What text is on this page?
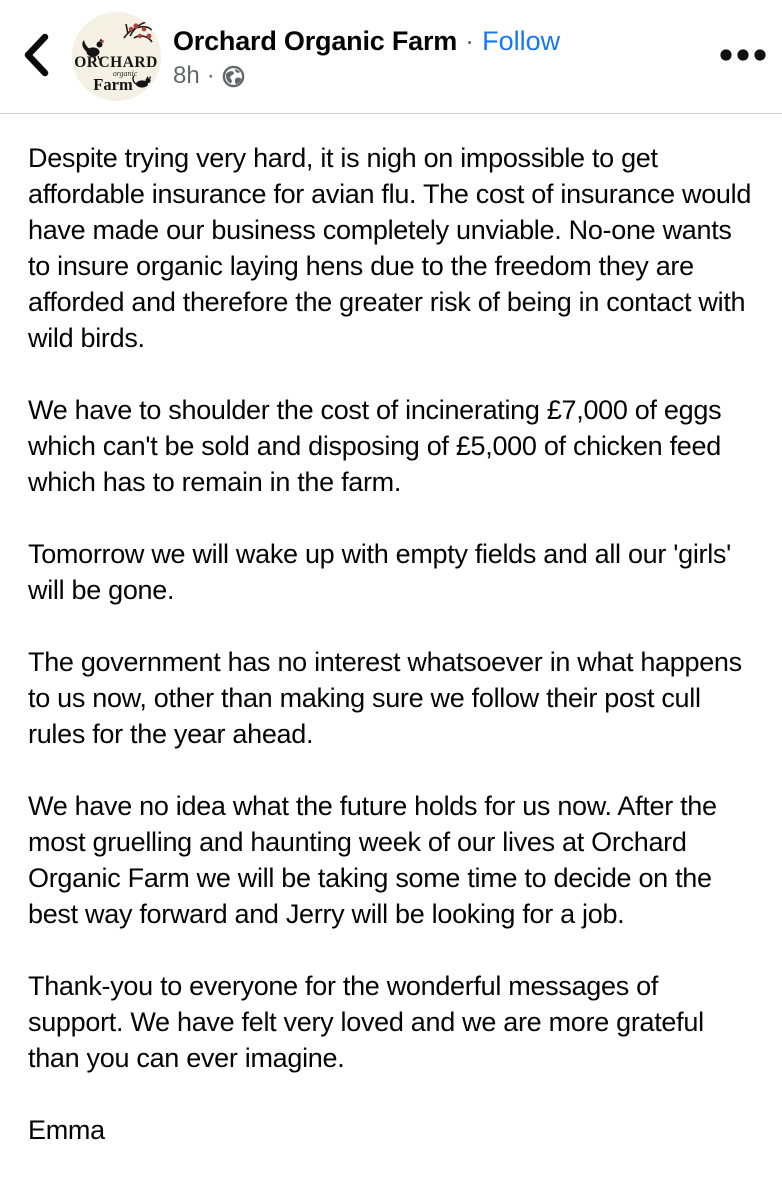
ORCHARD
organic
Farm
Orchard Organic Farm · Follow
8h ·

Despite trying very hard, it is nigh on impossible to get affordable insurance for avian flu. The cost of insurance would have made our business completely unviable. No-one wants to insure organic laying hens due to the freedom they are afforded and therefore the greater risk of being in contact with wild birds.

We have to shoulder the cost of incinerating £7,000 of eggs which can't be sold and disposing of £5,000 of chicken feed which has to remain in the farm.

Tomorrow we will wake up with empty fields and all our 'girls' will be gone.

The government has no interest whatsoever in what happens to us now, other than making sure we follow their post cull rules for the year ahead.

We have no idea what the future holds for us now. After the most gruelling and haunting week of our lives at Orchard Organic Farm we will be taking some time to decide on the best way forward and Jerry will be looking for a job.

Thank-you to everyone for the wonderful messages of support. We have felt very loved and we are more grateful than you can ever imagine.

Emma
